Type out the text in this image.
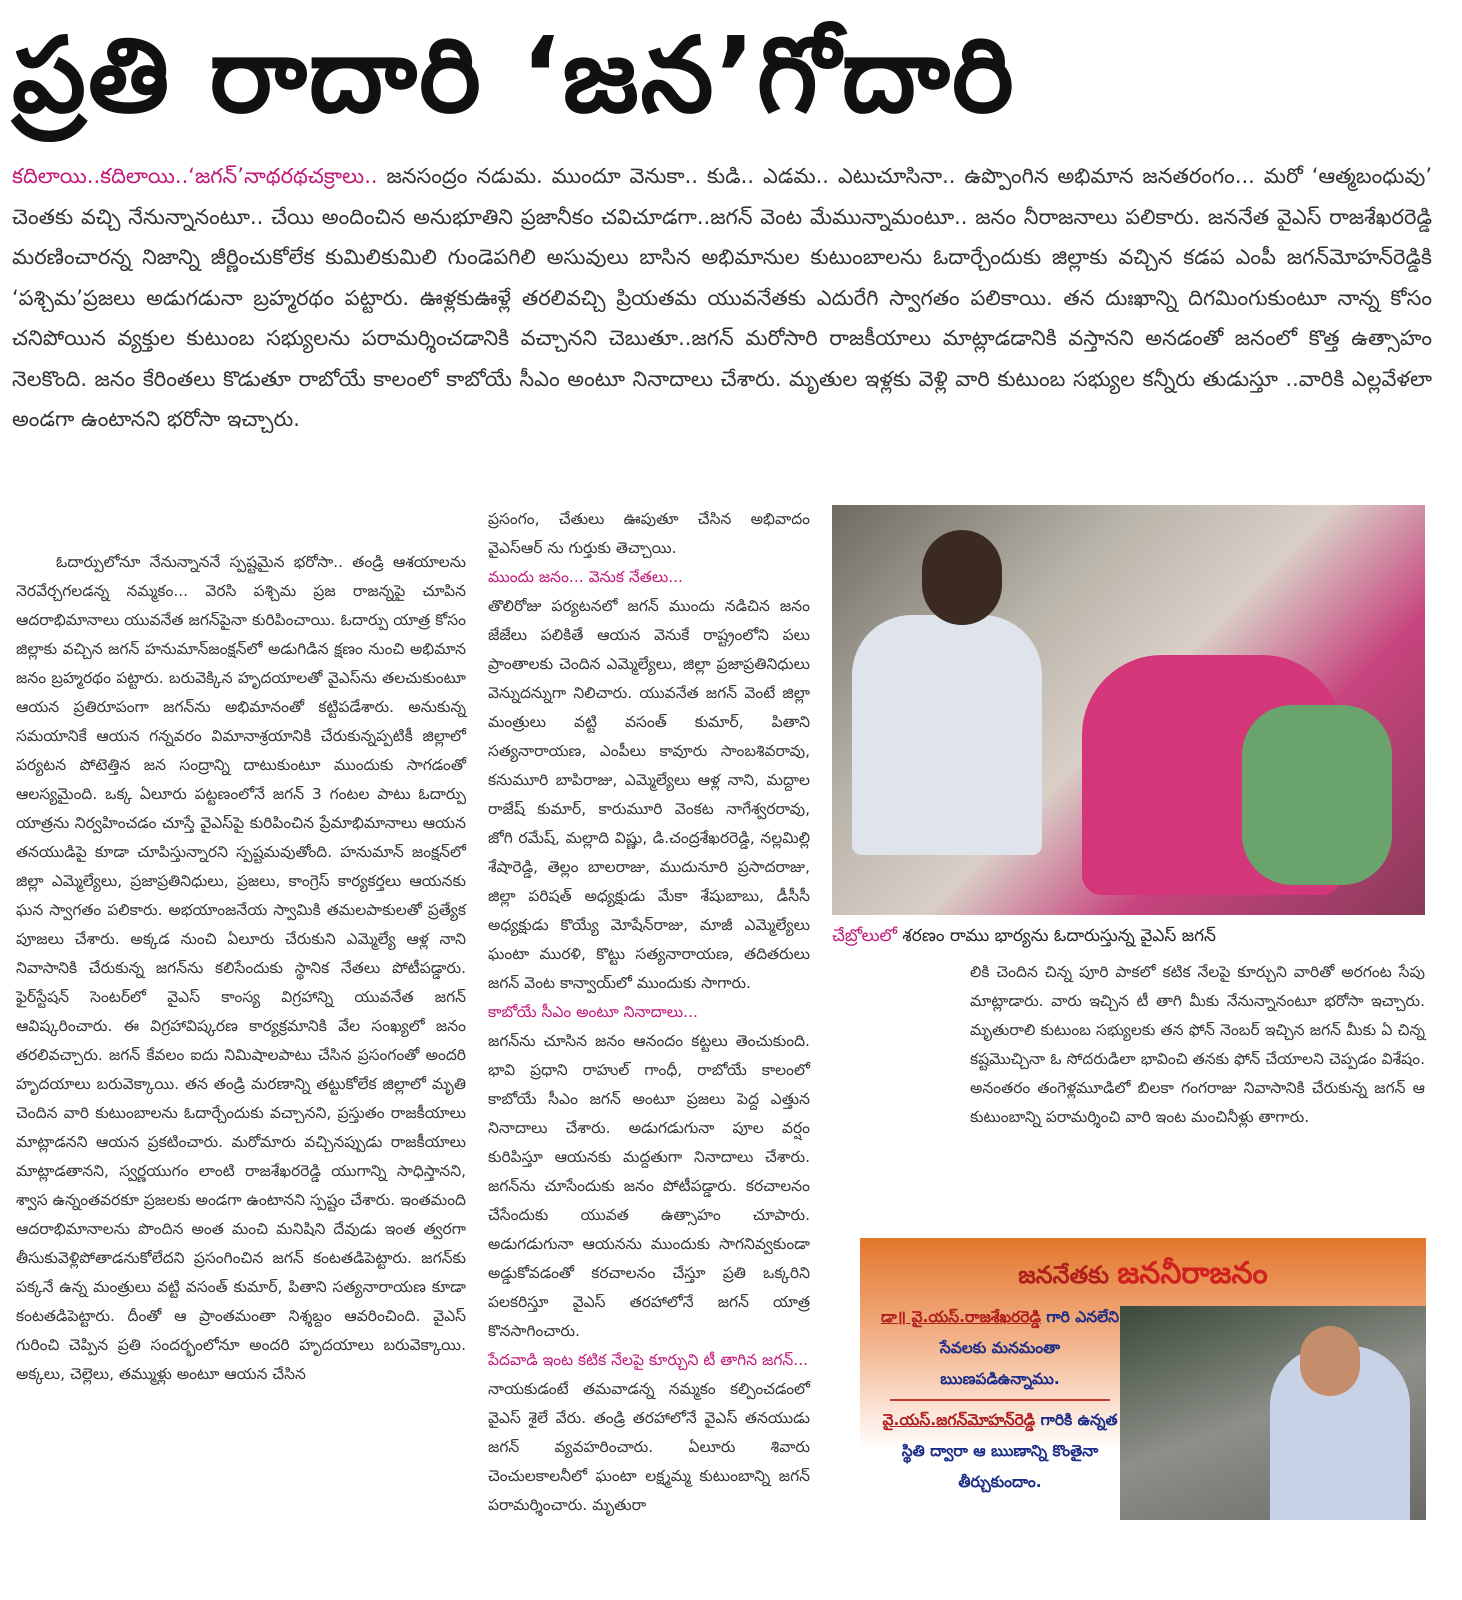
ప్రతి రాదారి ‘జన’గోదారి
కదిలాయి..కదిలాయి..‘జగన్’నాథరథచక్రాలు.. జనసంద్రం నడుమ. ముందూ వెనుకా.. కుడి.. ఎడమ.. ఎటుచూసినా.. ఉప్పొంగిన అభిమాన జనతరంగం... మరో ‘ఆత్మబంధువు’ చెంతకు వచ్చి నేనున్నానంటూ.. చేయి అందించిన అనుభూతిని ప్రజానీకం చవిచూడగా..జగన్ వెంట మేమున్నామంటూ.. జనం నీరాజనాలు పలికారు. జననేత వైఎస్ రాజశేఖరరెడ్డి మరణించారన్న నిజాన్ని జీర్ణించుకోలేక కుమిలికుమిలి గుండెపగిలి అసువులు బాసిన అభిమానుల కుటుంబాలను ఓదార్చేందుకు జిల్లాకు వచ్చిన కడప ఎంపీ జగన్‌మోహన్‌రెడ్డికి ‘పశ్చిమ’ప్రజలు అడుగడునా బ్రహ్మరథం పట్టారు. ఊళ్లకుఊళ్లే తరలివచ్చి ప్రియతమ యువనేతకు ఎదురేగి స్వాగతం పలికాయి. తన దుఃఖాన్ని దిగమింగుకుంటూ నాన్న కోసం చనిపోయిన వ్యక్తుల కుటుంబ సభ్యులను పరామర్శించడానికి వచ్చానని చెబుతూ..జగన్ మరోసారి రాజకీయాలు మాట్లాడడానికి వస్తానని అనడంతో జనంలో కొత్త ఉత్సాహం నెలకొంది. జనం కేరింతలు కొడుతూ రాబోయే కాలంలో కాబోయే సీఎం అంటూ నినాదాలు చేశారు. మృతుల ఇళ్లకు వెళ్లి వారి కుటుంబ సభ్యుల కన్నీరు తుడుస్తూ ..వారికి ఎల్లవేళలా అండగా ఉంటానని భరోసా ఇచ్చారు.

ఓదార్పులోనూ నేనున్నాననే స్పష్టమైన భరోసా.. తండ్రి ఆశయాలను నెరవేర్చగలడన్న నమ్మకం... వెరసి పశ్చిమ ప్రజ రాజన్నపై చూపిన ఆదరాభిమానాలు యువనేత జగన్‌పైనా కురిపించాయి. ఓదార్పు యాత్ర కోసం జిల్లాకు వచ్చిన జగన్ హనుమాన్‌జంక్షన్‌లో అడుగిడిన క్షణం నుంచి అభిమాన జనం బ్రహ్మరథం పట్టారు. బరువెక్కిన హృదయాలతో వైఎస్‌ను తలచుకుంటూ ఆయన ప్రతిరూపంగా జగన్‌ను అభిమానంతో కట్టిపడేశారు. అనుకున్న సమయానికే ఆయన గన్నవరం విమానాశ్రయానికి చేరుకున్నప్పటికీ జిల్లాలో పర్యటన పోటెత్తిన జన సంద్రాన్ని దాటుకుంటూ ముందుకు సాగడంతో ఆలస్యమైంది. ఒక్క ఏలూరు పట్టణంలోనే జగన్ 3 గంటల పాటు ఓదార్పు యాత్రను నిర్వహించడం చూస్తే వైఎస్‌పై కురిపించిన ప్రేమాభిమానాలు ఆయన తనయుడిపై కూడా చూపిస్తున్నారని స్పష్టమవుతోంది. హనుమాన్ జంక్షన్‌లో జిల్లా ఎమ్మెల్యేలు, ప్రజాప్రతినిధులు, ప్రజలు, కాంగ్రెస్ కార్యకర్తలు ఆయనకు ఘన స్వాగతం పలికారు. అభయాంజనేయ స్వామికి తమలపాకులతో ప్రత్యేక పూజలు చేశారు. అక్కడ నుంచి ఏలూరు చేరుకుని ఎమ్మెల్యే ఆళ్ల నాని నివాసానికి చేరుకున్న జగన్‌ను కలిసేందుకు స్థానిక నేతలు పోటీపడ్డారు. ఫైర్‌స్టేషన్ సెంటర్‌లో వైఎస్ కాంస్య విగ్రహాన్ని యువనేత జగన్ ఆవిష్కరించారు. ఈ విగ్రహావిష్కరణ కార్యక్రమానికి వేల సంఖ్యలో జనం తరలివచ్చారు. జగన్ కేవలం ఐదు నిమిషాలపాటు చేసిన ప్రసంగంతో అందరి హృదయాలు బరువెక్కాయి. తన తండ్రి మరణాన్ని తట్టుకోలేక జిల్లాలో మృతి చెందిన వారి కుటుంబాలను ఓదార్చేందుకు వచ్చానని, ప్రస్తుతం రాజకీయాలు మాట్లాడనని ఆయన ప్రకటించారు. మరోమారు వచ్చినప్పుడు రాజకీయాలు మాట్లాడతానని, స్వర్ణయుగం లాంటి రాజశేఖరరెడ్డి యుగాన్ని సాధిస్తానని, శ్వాస ఉన్నంతవరకూ ప్రజలకు అండగా ఉంటానని స్పష్టం చేశారు. ఇంతమంది ఆదరాభిమానాలను పొందిన అంత మంచి మనిషిని దేవుడు ఇంత త్వరగా తీసుకువెళ్లిపోతాడనుకోలేదని ప్రసంగించిన జగన్ కంటతడిపెట్టారు. జగన్‌కు పక్కనే ఉన్న మంత్రులు వట్టి వసంత్ కుమార్, పితాని సత్యనారాయణ కూడా కంటతడిపెట్టారు. దీంతో ఆ ప్రాంతమంతా నిశ్శబ్దం ఆవరించింది. వైఎస్ గురించి చెప్పిన ప్రతి సందర్భంలోనూ అందరి హృదయాలు బరువెక్కాయి. అక్కలు, చెల్లెలు, తమ్ముళ్లు అంటూ ఆయన చేసిన

ప్రసంగం, చేతులు ఊపుతూ చేసిన అభివాదం వైఎస్ఆర్ ను గుర్తుకు తెచ్చాయి.

ముందు జనం... వెనుక నేతలు...

తొలిరోజు పర్యటనలో జగన్ ముందు నడిచిన జనం జేజేలు పలికితే ఆయన వెనుకే రాష్ట్రంలోని పలు ప్రాంతాలకు చెందిన ఎమ్మెల్యేలు, జిల్లా ప్రజాప్రతినిధులు వెన్నుదన్నుగా నిలిచారు. యువనేత జగన్ వెంటే జిల్లా మంత్రులు వట్టి వసంత్ కుమార్, పితాని సత్యనారాయణ, ఎంపీలు కావూరు సాంబశివరావు, కనుమూరి బాపిరాజు, ఎమ్మెల్యేలు ఆళ్ల నాని, మద్దాల రాజేష్ కుమార్, కారుమూరి వెంకట నాగేశ్వరరావు, జోగి రమేష్, మల్లాది విష్ణు, డి.చంద్రశేఖరరెడ్డి, నల్లమిల్లి శేషారెడ్డి, తెల్లం బాలరాజు, ముదునూరి ప్రసాదరాజు, జిల్లా పరిషత్ అధ్యక్షుడు మేకా శేషుబాబు, డీసీసీ అధ్యక్షుడు కొయ్యే మోషేన్‌రాజు, మాజీ ఎమ్మెల్యేలు ఘంటా మురళి, కొట్టు సత్యనారాయణ, తదితరులు జగన్ వెంట కాన్వాయ్‌లో ముందుకు సాగారు.

కాబోయే సీఎం అంటూ నినాదాలు...

జగన్‌ను చూసిన జనం ఆనందం కట్టలు తెంచుకుంది. భావి ప్రధాని రాహుల్ గాంధీ, రాబోయే కాలంలో కాబోయే సీఎం జగన్ అంటూ ప్రజలు పెద్ద ఎత్తున నినాదాలు చేశారు. అడుగడుగునా పూల వర్షం కురిపిస్తూ ఆయనకు మద్దతుగా నినాదాలు చేశారు. జగన్‌ను చూసేందుకు జనం పోటీపడ్డారు. కరచాలనం చేసేందుకు యువత ఉత్సాహం చూపారు. అడుగడుగునా ఆయనను ముందుకు సాగనివ్వకుండా అడ్డుకోవడంతో కరచాలనం చేస్తూ ప్రతి ఒక్కరిని పలకరిస్తూ వైఎస్ తరహాలోనే జగన్ యాత్ర కొనసాగించారు.

పేదవాడి ఇంట కటిక నేలపై కూర్చుని టీ తాగిన జగన్...

నాయకుడంటే తమవాడన్న నమ్మకం కల్పించడంలో వైఎస్ శైలే వేరు. తండ్రి తరహాలోనే వైఎస్ తనయుడు జగన్ వ్యవహరించారు. ఏలూరు శివారు చెంచులకాలనీలో ఘంటా లక్ష్మమ్మ కుటుంబాన్ని జగన్ పరామర్శించారు. మృతురా

చేబ్రోలులో శరణం రాము భార్యను ఓదారుస్తున్న వైఎస్ జగన్

లికి చెందిన చిన్న పూరి పాకలో కటిక నేలపై కూర్చుని వారితో అరగంట సేపు మాట్లాడారు. వారు ఇచ్చిన టీ తాగి మీకు నేనున్నానంటూ భరోసా ఇచ్చారు. మృతురాలి కుటుంబ సభ్యులకు తన ఫోన్ నెంబర్ ఇచ్చిన జగన్ మీకు ఏ చిన్న కష్టమొచ్చినా ఓ సోదరుడిలా భావించి తనకు ఫోన్ చేయాలని చెప్పడం విశేషం. అనంతరం తంగెళ్లమూడిలో బిలకా గంగరాజు నివాసానికి చేరుకున్న జగన్ ఆ కుటుంబాన్ని పరామర్శించి వారి ఇంట మంచినీళ్లు తాగారు.

జననేతకు జననీరాజనం
డా॥ వై.యస్.రాజశేఖరరెడ్డి గారి ఎనలేని సేవలకు మనమంతా ఋణపడిఉన్నాము.
వై.యస్.జగన్‌మోహన్‌రెడ్డి గారికి ఉన్నత స్థితి ద్వారా ఆ ఋణాన్ని కొంతైనా తీర్చుకుందాం.
